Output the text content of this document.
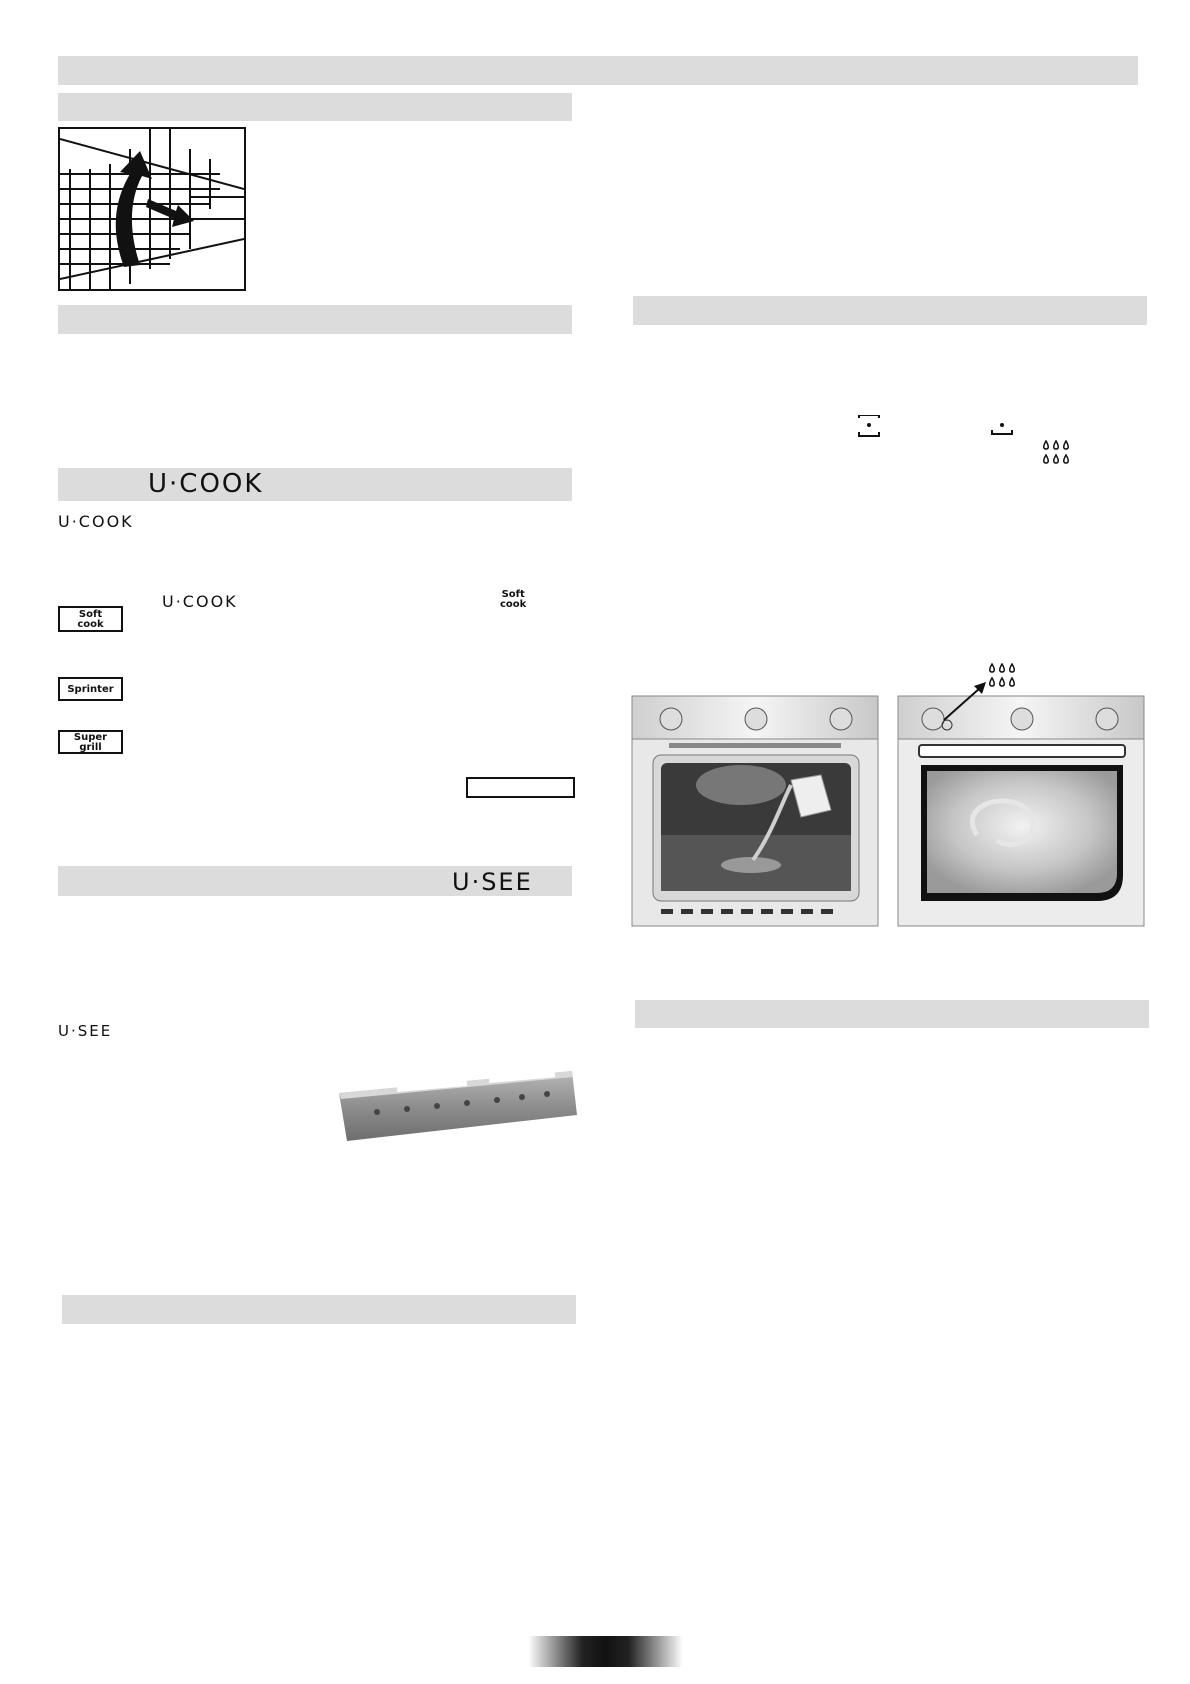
U·COOK
U·COOK
Soft
cook
U·COOK	Soft
cook
Sprinter
Super
grill
U·SEE
U·SEE
